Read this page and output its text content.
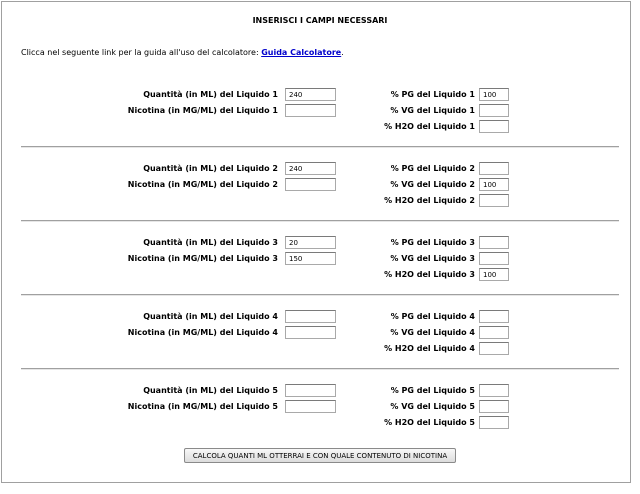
INSERISCI I CAMPI NECESSARI
Clicca nel seguente link per la guida all'uso del calcolatore: Guida Calcolatore.
Quantità (in ML) del Liquido 1
240
Nicotina (in MG/ML) del Liquido 1
% PG del Liquido 1
100
% VG del Liquido 1
% H2O del Liquido 1
Quantità (in ML) del Liquido 2
240
Nicotina (in MG/ML) del Liquido 2
% PG del Liquido 2
% VG del Liquido 2
100
% H2O del Liquido 2
Quantità (in ML) del Liquido 3
20
Nicotina (in MG/ML) del Liquido 3
150
% PG del Liquido 3
% VG del Liquido 3
% H2O del Liquido 3
100
Quantità (in ML) del Liquido 4
Nicotina (in MG/ML) del Liquido 4
% PG del Liquido 4
% VG del Liquido 4
% H2O del Liquido 4
Quantità (in ML) del Liquido 5
Nicotina (in MG/ML) del Liquido 5
% PG del Liquido 5
% VG del Liquido 5
% H2O del Liquido 5
CALCOLA QUANTI ML OTTERRAI E CON QUALE CONTENUTO DI NICOTINA
